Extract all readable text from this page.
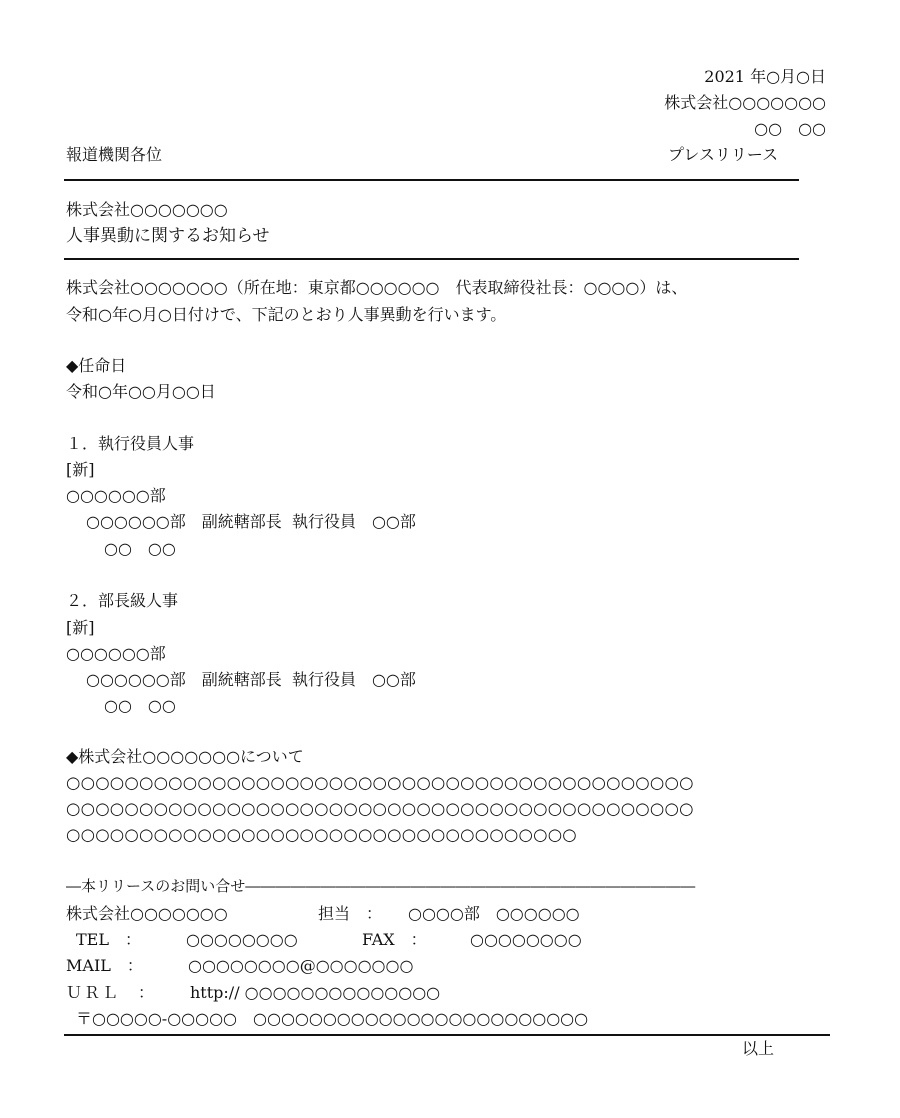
2021 年○月○日
株式会社○○○○○○○
○○　○○
報道機関各位	プレスリリース
株式会社○○○○○○○
人事異動に関するお知らせ
株式会社○○○○○○○（所在地：東京都○○○○○○　代表取締役社長：○○○○）は、
令和○年○月○日付けで、下記のとおり人事異動を行います。
◆任命日
令和○年○○月○○日
１．執行役員人事
[新]
○○○○○○部
○○○○○○部　副統轄部長  執行役員　○○部
○○　○○
２．部長級人事
[新]
○○○○○○部
○○○○○○部　副統轄部長  執行役員　○○部
○○　○○
◆株式会社○○○○○○○について
○○○○○○○○○○○○○○○○○○○○○○○○○○○○○○○○○○○○○○○○○○○
○○○○○○○○○○○○○○○○○○○○○○○○○○○○○○○○○○○○○○○○○○○
○○○○○○○○○○○○○○○○○○○○○○○○○○○○○○○○○○○
―本リリースのお問い合せ――――――――――――――――――――――――――――――
株式会社○○○○○○○	担当　： ○○○○部　○○○○○○
TEL　：	○○○○○○○○	FAX　：	○○○○○○○○
MAIL　：	○○○○○○○○@○○○○○○○
ＵＲＬ　： http:// ○○○○○○○○○○○○○○
〒○○○○○-○○○○○　○○○○○○○○○○○○○○○○○○○○○○○○
以上
